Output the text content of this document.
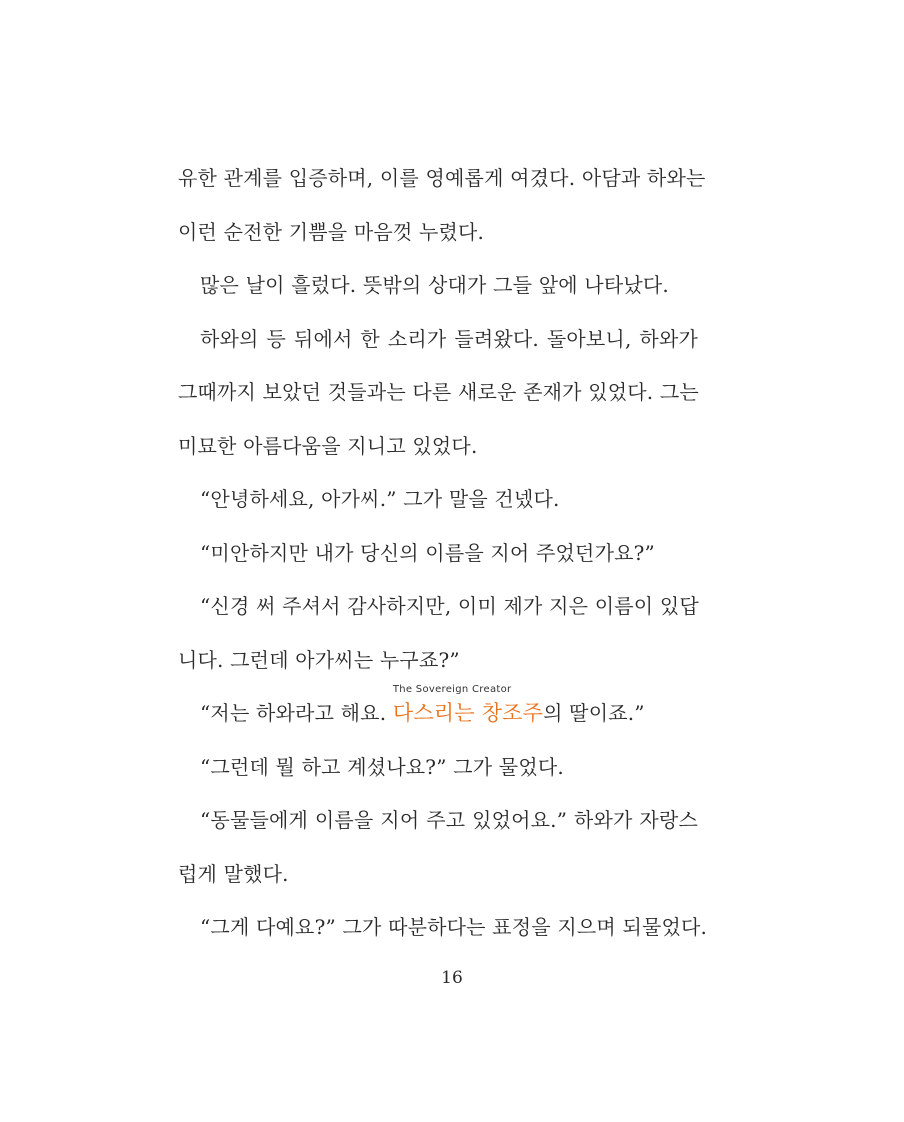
유한 관계를 입증하며, 이를 영예롭게 여겼다. 아담과 하와는
이런 순전한 기쁨을 마음껏 누렸다.
많은 날이 흘렀다. 뜻밖의 상대가 그들 앞에 나타났다.
하와의 등 뒤에서 한 소리가 들려왔다. 돌아보니, 하와가
그때까지 보았던 것들과는 다른 새로운 존재가 있었다. 그는
미묘한 아름다움을 지니고 있었다.
“안녕하세요, 아가씨.” 그가 말을 건넸다.
“미안하지만 내가 당신의 이름을 지어 주었던가요?”
“신경 써 주셔서 감사하지만, 이미 제가 지은 이름이 있답
니다. 그런데 아가씨는 누구죠?”
“저는 하와라고 해요.
The Sovereign Creator
다스리는 창조주의 딸이죠.”
“그런데 뭘 하고 계셨나요?” 그가 물었다.
“동물들에게 이름을 지어 주고 있었어요.” 하와가 자랑스
럽게 말했다.
“그게 다예요?” 그가 따분하다는 표정을 지으며 되물었다.
16
